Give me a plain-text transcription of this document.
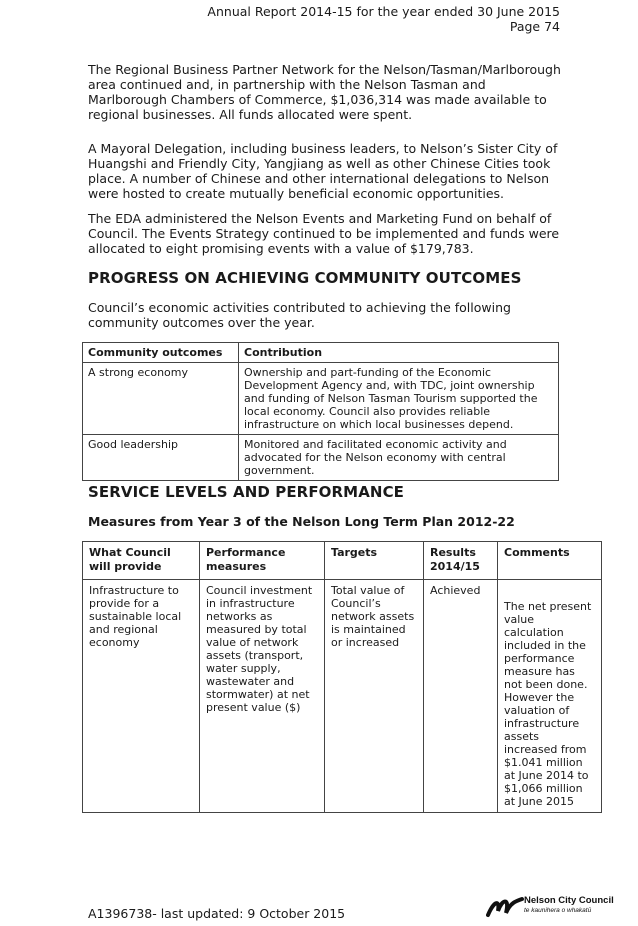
Annual Report 2014-15 for the year ended 30 June 2015
Page 74

The Regional Business Partner Network for the Nelson/Tasman/Marlborough area continued and, in partnership with the Nelson Tasman and Marlborough Chambers of Commerce, $1,036,314 was made available to regional businesses. All funds allocated were spent.

A Mayoral Delegation, including business leaders, to Nelson’s Sister City of Huangshi and Friendly City, Yangjiang as well as other Chinese Cities took place. A number of Chinese and other international delegations to Nelson were hosted to create mutually beneficial economic opportunities.

The EDA administered the Nelson Events and Marketing Fund on behalf of Council. The Events Strategy continued to be implemented and funds were allocated to eight promising events with a value of $179,783.

PROGRESS ON ACHIEVING COMMUNITY OUTCOMES

Council’s economic activities contributed to achieving the following community outcomes over the year.

Community outcomes	Contribution
A strong economy	Ownership and part-funding of the Economic Development Agency and, with TDC, joint ownership and funding of Nelson Tasman Tourism supported the local economy. Council also provides reliable infrastructure on which local businesses depend.
Good leadership	Monitored and facilitated economic activity and advocated for the Nelson economy with central government.
SERVICE LEVELS AND PERFORMANCE
Measures from Year 3 of the Nelson Long Term Plan 2012-22
What Council will provide	Performance measures	Targets	Results 2014/15	Comments
Infrastructure to provide for a sustainable local and regional economy	Council investment in infrastructure networks as measured by total value of network assets (transport, water supply, wastewater and stormwater) at net present value ($)	Total value of Council’s network assets is maintained or increased	Achieved	The net present value calculation included in the performance measure has not been done. However the valuation of infrastructure assets increased from $1.041 million at June 2014 to $1,066 million at June 2015
A1396738- last updated: 9 October 2015
Nelson City Council
te kaunihera o whakatū
